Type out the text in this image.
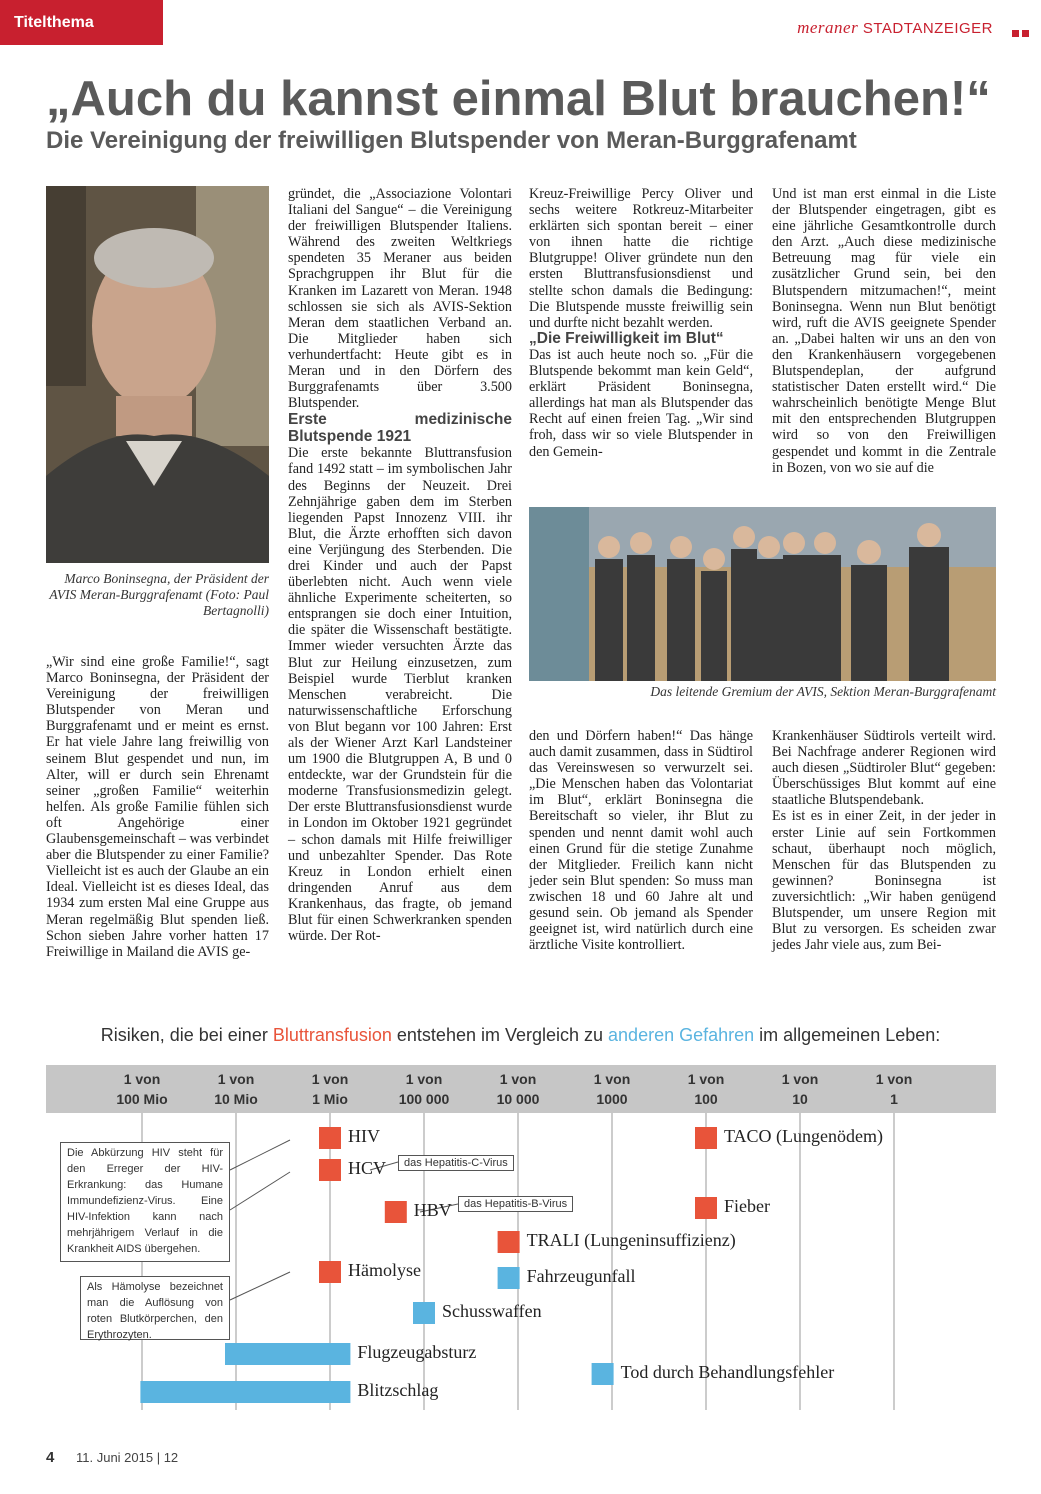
Titelthema	meraner STADTANZEIGER
„Auch du kannst einmal Blut brauchen!“
Die Vereinigung der freiwilligen Blutspender von Meran-Burggrafenamt
Marco Boninsegna, der Präsident der AVIS Meran-Burggrafenamt (Foto: Paul Bertagnolli)

„Wir sind eine große Familie!“, sagt Marco Boninsegna, der Präsident der Vereinigung der freiwilligen Blutspender von Meran und Burggrafenamt und er meint es ernst. Er hat viele Jahre lang freiwillig von seinem Blut gespendet und nun, im Alter, will er durch sein Ehrenamt seiner „großen Familie“ weiterhin helfen. Als große Familie fühlen sich oft Angehörige einer Glaubensgemeinschaft – was verbindet aber die Blutspender zu einer Familie? Vielleicht ist es auch der Glaube an ein Ideal. Vielleicht ist es dieses Ideal, das 1934 zum ersten Mal eine Gruppe aus Meran regelmäßig Blut spenden ließ. Schon sieben Jahre vorher hatten 17 Freiwillige in Mailand die AVIS ge-

gründet, die „Associazione Volontari Italiani del Sangue“ – die Vereinigung der freiwilligen Blutspender Italiens. Während des zweiten Weltkriegs spendeten 35 Meraner aus beiden Sprachgruppen ihr Blut für die Kranken im Lazarett von Meran. 1948 schlossen sie sich als AVIS-Sektion Meran dem staatlichen Verband an. Die Mitglieder haben sich verhundertfacht: Heute gibt es in Meran und in den Dörfern des Burggrafenamts über 3.500 Blutspender.

Erste medizinische Blutspende 1921

Die erste bekannte Bluttransfusion fand 1492 statt – im symbolischen Jahr des Beginns der Neuzeit. Drei Zehnjährige gaben dem im Sterben liegenden Papst Innozenz VIII. ihr Blut, die Ärzte erhofften sich davon eine Verjüngung des Sterbenden. Die drei Kinder und auch der Papst überlebten nicht. Auch wenn viele ähnliche Experimente scheiterten, so entsprangen sie doch einer Intuition, die später die Wissenschaft bestätigte. Immer wieder versuchten Ärzte das Blut zur Heilung einzusetzen, zum Beispiel wurde Tierblut kranken Menschen verabreicht. Die naturwissenschaftliche Erforschung von Blut begann vor 100 Jahren: Erst als der Wiener Arzt Karl Landsteiner um 1900 die Blutgruppen A, B und 0 entdeckte, war der Grundstein für die moderne Transfusionsmedizin gelegt. Der erste Bluttransfusionsdienst wurde in London im Oktober 1921 gegründet – schon damals mit Hilfe freiwilliger und unbezahlter Spender. Das Rote Kreuz in London erhielt einen dringenden Anruf aus dem Krankenhaus, das fragte, ob jemand Blut für einen Schwerkranken spenden würde. Der Rot-

Kreuz-Freiwillige Percy Oliver und sechs weitere Rotkreuz-Mitarbeiter erklärten sich spontan bereit – einer von ihnen hatte die richtige Blutgruppe! Oliver gründete nun den ersten Bluttransfusionsdienst und stellte schon damals die Bedingung: Die Blutspende musste freiwillig sein und durfte nicht bezahlt werden.

„Die Freiwilligkeit im Blut“

Das ist auch heute noch so. „Für die Blutspende bekommt man kein Geld“, erklärt Präsident Boninsegna, allerdings hat man als Blutspender das Recht auf einen freien Tag. „Wir sind froh, dass wir so viele Blutspender in den Gemein-

Und ist man erst einmal in die Liste der Blutspender eingetragen, gibt es eine jährliche Gesamtkontrolle durch den Arzt. „Auch diese medizinische Betreuung mag für viele ein zusätzlicher Grund sein, bei den Blutspendern mitzumachen!“, meint Boninsegna. Wenn nun Blut benötigt wird, ruft die AVIS geeignete Spender an. „Dabei halten wir uns an den von den Krankenhäusern vorgegebenen Blutspendeplan, der aufgrund statistischer Daten erstellt wird.“ Die wahrscheinlich benötigte Menge Blut mit den entsprechenden Blutgruppen wird so von den Freiwilligen gespendet und kommt in die Zentrale in Bozen, von wo sie auf die

Das leitende Gremium der AVIS, Sektion Meran-Burggrafenamt

den und Dörfern haben!“ Das hänge auch damit zusammen, dass in Südtirol das Vereinswesen so verwurzelt sei. „Die Menschen haben das Volontariat im Blut“, erklärt Boninsegna die Bereitschaft so vieler, ihr Blut zu spenden und nennt damit wohl auch einen Grund für die stetige Zunahme der Mitglieder. Freilich kann nicht jeder sein Blut spenden: So muss man zwischen 18 und 60 Jahre alt und gesund sein. Ob jemand als Spender geeignet ist, wird natürlich durch eine ärztliche Visite kontrolliert.

Krankenhäuser Südtirols verteilt wird. Bei Nachfrage anderer Regionen wird auch diesen „Südtiroler Blut“ gegeben: Überschüssiges Blut kommt auf eine staatliche Blutspendebank.

Es ist es in einer Zeit, in der jeder in erster Linie auf sein Fortkommen schaut, überhaupt noch möglich, Menschen für das Blutspenden zu gewinnen? Boninsegna ist zuversichtlich: „Wir haben genügend Blutspender, um unsere Region mit Blut zu versorgen. Es scheiden zwar jedes Jahr viele aus, zum Bei-

Risiken, die bei einer Bluttransfusion entstehen im Vergleich zu anderen Gefahren im allgemeinen Leben:
1 von
100 Mio
1 von
10 Mio
1 von
1 Mio
1 von
100 000
1 von
10 000
1 von
1000
1 von
100
1 von
10
1 von
1
HIV
HCV
HBV
Hämolyse
TRALI (Lungeninsuffizienz)
TACO (Lungenödem)
Fieber
Fahrzeugunfall
Schusswaffen
Flugzeugabsturz
Blitzschlag
Tod durch Behandlungsfehler
Die Abkürzung HIV steht für den Erreger der HIV-Erkrankung: das Humane Immundefizienz-Virus. Eine HIV-Infektion kann nach mehrjährigem Verlauf in die Krankheit AIDS übergehen.
Als Hämolyse bezeichnet man die Auflösung von roten Blutkörperchen, den Erythrozyten.
das Hepatitis-C-Virus
das Hepatitis-B-Virus
4 11. Juni 2015 | 12
